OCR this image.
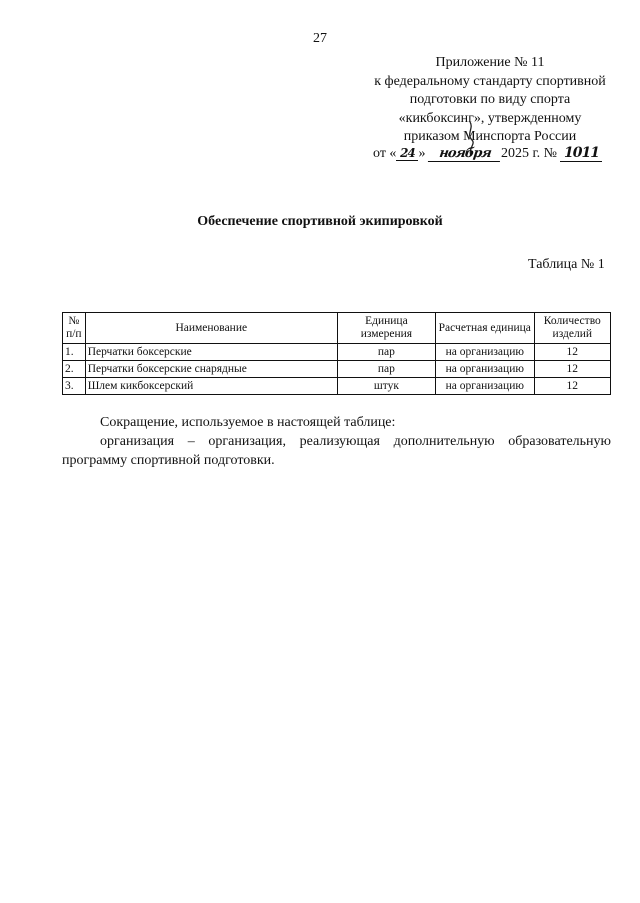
27
Приложение № 11
к федеральному стандарту спортивной
подготовки по виду спорта
«кикбоксинг», утвержденному
приказом Минспорта России
от « 24 » ноября 2025 г. № 1011
Обеспечение спортивной экипировкой
Таблица № 1
№ п/п	Наименование	Единица измерения	Расчетная единица	Количество изделий
1.	Перчатки боксерские	пар	на организацию	12
2.	Перчатки боксерские снарядные	пар	на организацию	12
3.	Шлем кикбоксерский	штук	на организацию	12

Сокращение, используемое в настоящей таблице:

организация – организация, реализующая дополнительную образовательную программу спортивной подготовки.
